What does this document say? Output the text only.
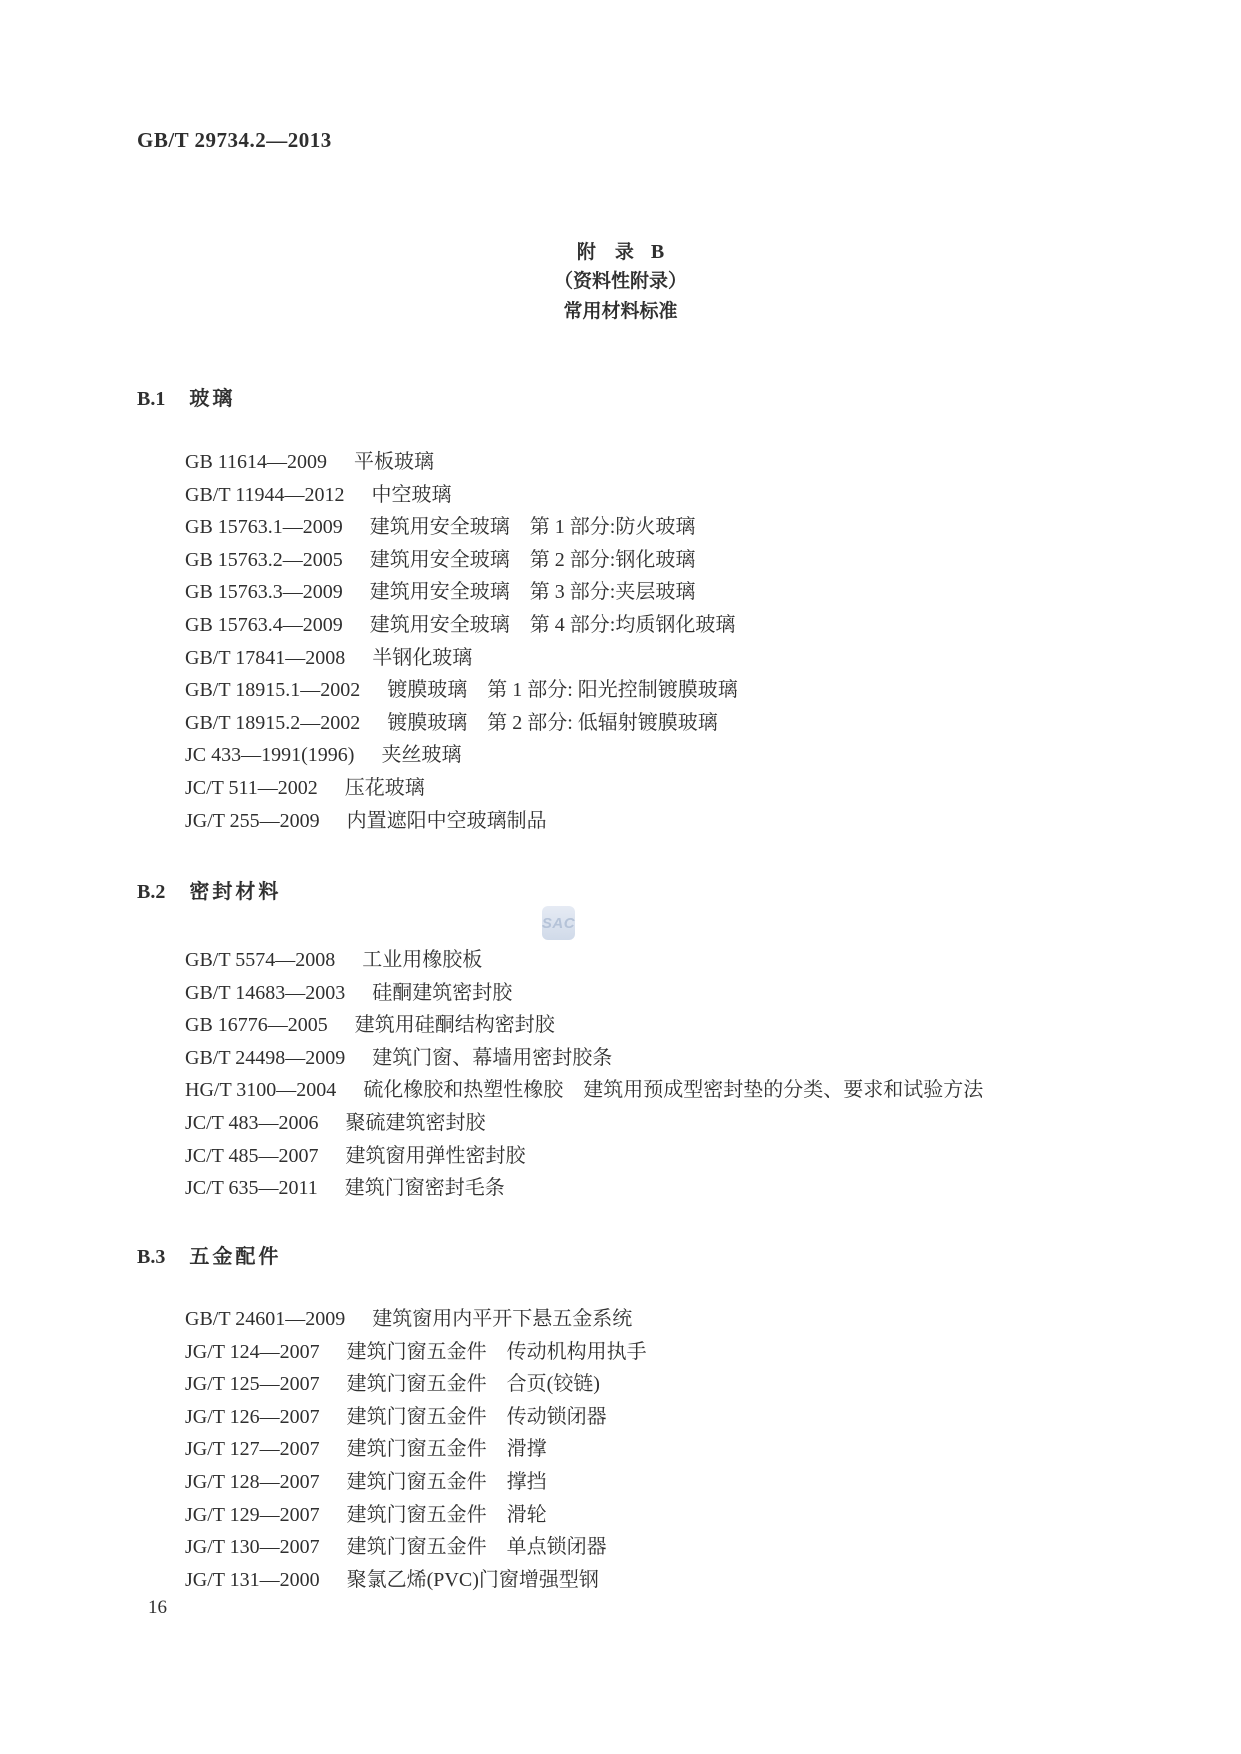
GB/T 29734.2—2013
附　录 B
（资料性附录）
常用材料标准
B.1 玻璃
GB 11614—2009 平板玻璃
GB/T 11944—2012 中空玻璃
GB 15763.1—2009 建筑用安全玻璃　第 1 部分:防火玻璃
GB 15763.2—2005 建筑用安全玻璃　第 2 部分:钢化玻璃
GB 15763.3—2009 建筑用安全玻璃　第 3 部分:夹层玻璃
GB 15763.4—2009 建筑用安全玻璃　第 4 部分:均质钢化玻璃
GB/T 17841—2008 半钢化玻璃
GB/T 18915.1—2002 镀膜玻璃　第 1 部分: 阳光控制镀膜玻璃
GB/T 18915.2—2002 镀膜玻璃　第 2 部分: 低辐射镀膜玻璃
JC 433—1991(1996) 夹丝玻璃
JC/T 511—2002 压花玻璃
JG/T 255—2009 内置遮阳中空玻璃制品
B.2 密封材料
GB/T 5574—2008 工业用橡胶板
GB/T 14683—2003 硅酮建筑密封胶
GB 16776—2005 建筑用硅酮结构密封胶
GB/T 24498—2009 建筑门窗、幕墙用密封胶条
HG/T 3100—2004 硫化橡胶和热塑性橡胶　建筑用预成型密封垫的分类、要求和试验方法
JC/T 483—2006 聚硫建筑密封胶
JC/T 485—2007 建筑窗用弹性密封胶
JC/T 635—2011 建筑门窗密封毛条
B.3 五金配件
GB/T 24601—2009 建筑窗用内平开下悬五金系统
JG/T 124—2007 建筑门窗五金件　传动机构用执手
JG/T 125—2007 建筑门窗五金件　合页(铰链)
JG/T 126—2007 建筑门窗五金件　传动锁闭器
JG/T 127—2007 建筑门窗五金件　滑撑
JG/T 128—2007 建筑门窗五金件　撑挡
JG/T 129—2007 建筑门窗五金件　滑轮
JG/T 130—2007 建筑门窗五金件　单点锁闭器
JG/T 131—2000 聚氯乙烯(PVC)门窗增强型钢
SAC
16
